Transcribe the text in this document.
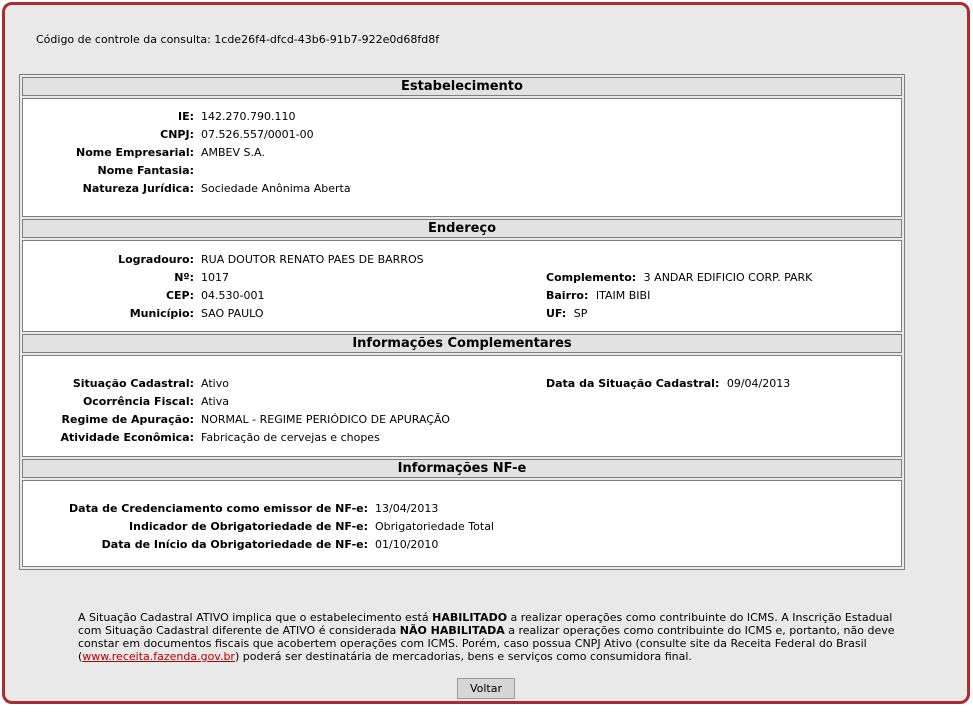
Código de controle da consulta: 1cde26f4-dfcd-43b6-91b7-922e0d68fd8f
Estabelecimento
IE: 142.270.790.110
CNPJ: 07.526.557/0001-00
Nome Empresarial: AMBEV S.A.
Nome Fantasia:
Natureza Jurídica: Sociedade Anônima Aberta
Endereço
Logradouro: RUA DOUTOR RENATO PAES DE BARROS
Nº: 1017	Complemento: 3 ANDAR EDIFICIO CORP. PARK
CEP: 04.530-001	Bairro: ITAIM BIBI
Município: SAO PAULO	UF: SP
Informações Complementares
Situação Cadastral: Ativo	Data da Situação Cadastral: 09/04/2013
Ocorrência Fiscal: Ativa
Regime de Apuração: NORMAL - REGIME PERIÓDICO DE APURAÇÃO
Atividade Econômica: Fabricação de cervejas e chopes
Informações NF-e
Data de Credenciamento como emissor de NF-e: 13/04/2013
Indicador de Obrigatoriedade de NF-e: Obrigatoriedade Total
Data de Início da Obrigatoriedade de NF-e: 01/10/2010
A Situação Cadastral ATIVO implica que o estabelecimento está HABILITADO a realizar operações como contribuinte do ICMS. A Inscrição Estadual com Situação Cadastral diferente de ATIVO é considerada NÃO HABILITADA a realizar operações como contribuinte do ICMS e, portanto, não deve constar em documentos fiscais que acobertem operações com ICMS. Porém, caso possua CNPJ Ativo (consulte site da Receita Federal do Brasil (www.receita.fazenda.gov.br) poderá ser destinatária de mercadorias, bens e serviços como consumidora final.
Voltar
